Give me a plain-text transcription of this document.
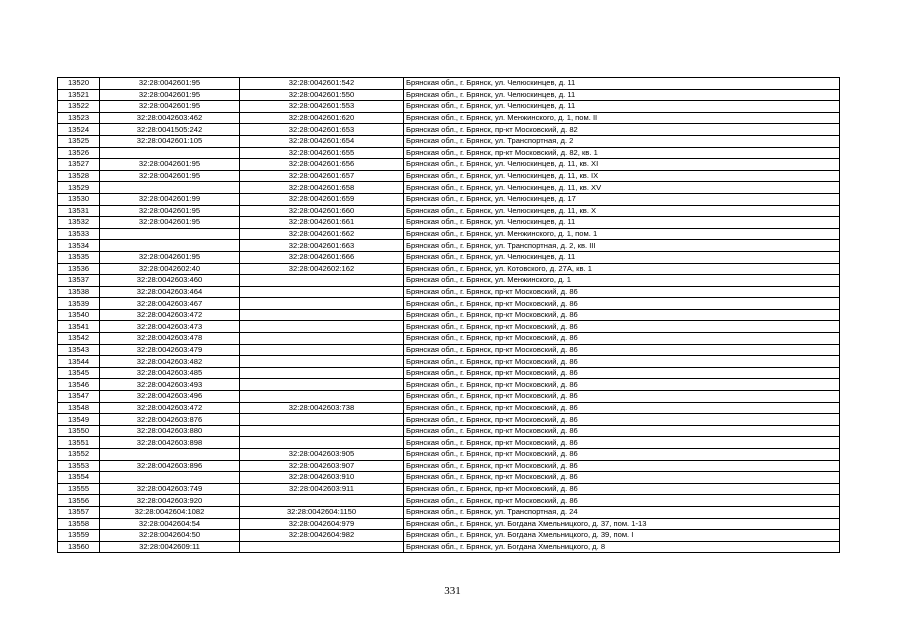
13520	32:28:0042601:95	32:28:0042601:542	Брянская обл., г. Брянск, ул. Челюскинцев, д. 11
13521	32:28:0042601:95	32:28:0042601:550	Брянская обл., г. Брянск, ул. Челюскинцев, д. 11
13522	32:28:0042601:95	32:28:0042601:553	Брянская обл., г. Брянск, ул. Челюскинцев, д. 11
13523	32:28:0042603:462	32:28:0042601:620	Брянская обл., г. Брянск, ул. Менжинского, д. 1, пом. II
13524	32:28:0041505:242	32:28:0042601:653	Брянская обл., г. Брянск, пр-кт Московский, д. 82
13525	32:28:0042601:105	32:28:0042601:654	Брянская обл., г. Брянск, ул. Транспортная, д. 2
13526		32:28:0042601:655	Брянская обл., г. Брянск, пр-кт Московский, д. 82, кв. 1
13527	32:28:0042601:95	32:28:0042601:656	Брянская обл., г. Брянск, ул. Челюскинцев, д. 11, кв. XI
13528	32:28:0042601:95	32:28:0042601:657	Брянская обл., г. Брянск, ул. Челюскинцев, д. 11, кв. IX
13529		32:28:0042601:658	Брянская обл., г. Брянск, ул. Челюскинцев, д. 11, кв. XV
13530	32:28:0042601:99	32:28:0042601:659	Брянская обл., г. Брянск, ул. Челюскинцев, д. 17
13531	32:28:0042601:95	32:28:0042601:660	Брянская обл., г. Брянск, ул. Челюскинцев, д. 11, кв. X
13532	32:28:0042601:95	32:28:0042601:661	Брянская обл., г. Брянск, ул. Челюскинцев, д. 11
13533		32:28:0042601:662	Брянская обл., г. Брянск, ул. Менжинского, д. 1, пом. 1
13534		32:28:0042601:663	Брянская обл., г. Брянск, ул. Транспортная, д. 2, кв. III
13535	32:28:0042601:95	32:28:0042601:666	Брянская обл., г. Брянск, ул. Челюскинцев, д. 11
13536	32:28:0042602:40	32:28:0042602:162	Брянская обл., г. Брянск, ул. Котовского, д. 27А, кв. 1
13537	32:28:0042603:460		Брянская обл., г. Брянск, ул. Менжинского, д. 1
13538	32:28:0042603:464		Брянская обл., г. Брянск, пр-кт Московский, д. 86
13539	32:28:0042603:467		Брянская обл., г. Брянск, пр-кт Московский, д. 86
13540	32:28:0042603:472		Брянская обл., г. Брянск, пр-кт Московский, д. 86
13541	32:28:0042603:473		Брянская обл., г. Брянск, пр-кт Московский, д. 86
13542	32:28:0042603:478		Брянская обл., г. Брянск, пр-кт Московский, д. 86
13543	32:28:0042603:479		Брянская обл., г. Брянск, пр-кт Московский, д. 86
13544	32:28:0042603:482		Брянская обл., г. Брянск, пр-кт Московский, д. 86
13545	32:28:0042603:485		Брянская обл., г. Брянск, пр-кт Московский, д. 86
13546	32:28:0042603:493		Брянская обл., г. Брянск, пр-кт Московский, д. 86
13547	32:28:0042603:496		Брянская обл., г. Брянск, пр-кт Московский, д. 86
13548	32:28:0042603:472	32:28:0042603:738	Брянская обл., г. Брянск, пр-кт Московский, д. 86
13549	32:28:0042603:876		Брянская обл., г. Брянск, пр-кт Московский, д. 86
13550	32:28:0042603:880		Брянская обл., г. Брянск, пр-кт Московский, д. 86
13551	32:28:0042603:898		Брянская обл., г. Брянск, пр-кт Московский, д. 86
13552		32:28:0042603:905	Брянская обл., г. Брянск, пр-кт Московский, д. 86
13553	32:28:0042603:896	32:28:0042603:907	Брянская обл., г. Брянск, пр-кт Московский, д. 86
13554		32:28:0042603:910	Брянская обл., г. Брянск, пр-кт Московский, д. 86
13555	32:28:0042603:749	32:28:0042603:911	Брянская обл., г. Брянск, пр-кт Московский, д. 86
13556	32:28:0042603:920		Брянская обл., г. Брянск, пр-кт Московский, д. 86
13557	32:28:0042604:1082	32:28:0042604:1150	Брянская обл., г. Брянск, ул. Транспортная, д. 24
13558	32:28:0042604:54	32:28:0042604:979	Брянская обл., г. Брянск, ул. Богдана Хмельницкого, д. 37, пом. 1-13
13559	32:28:0042604:50	32:28:0042604:982	Брянская обл., г. Брянск, ул. Богдана Хмельницкого, д. 39, пом. I
13560	32:28:0042609:11		Брянская обл., г. Брянск, ул. Богдана Хмельницкого, д. 8
331
